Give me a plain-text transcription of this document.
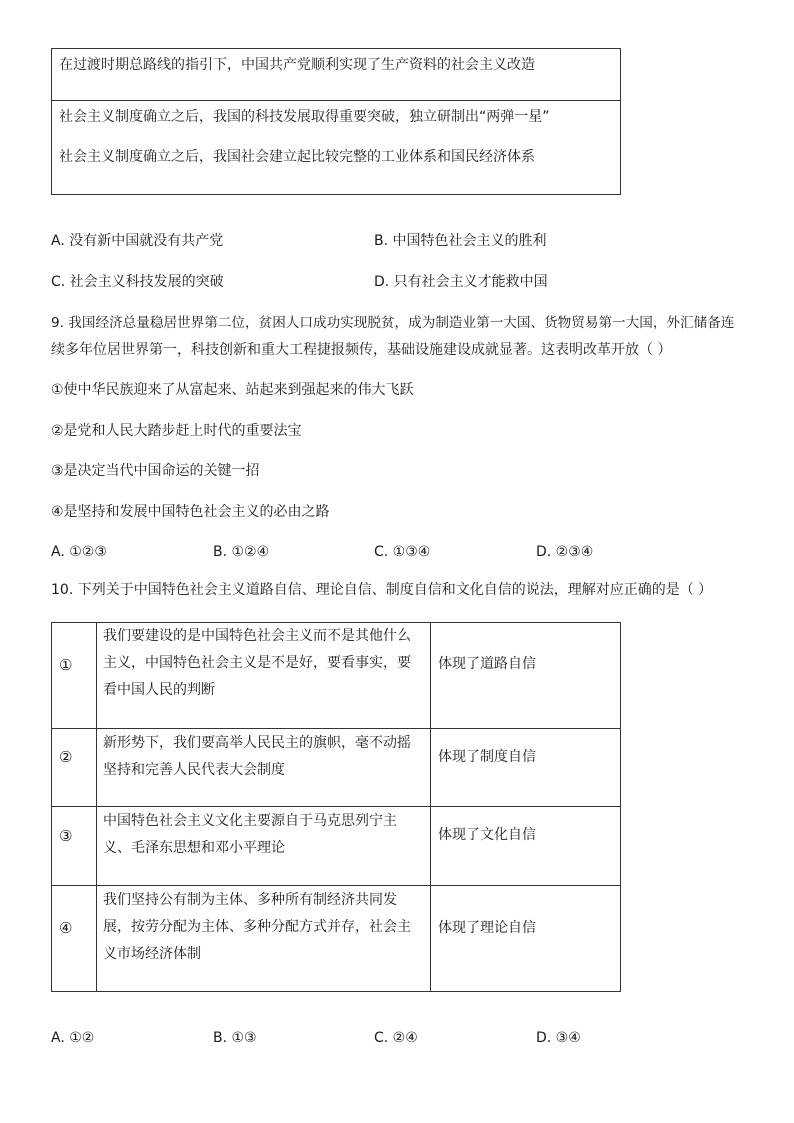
在过渡时期总路线的指引下，中国共产党顺利实现了生产资料的社会主义改造
社会主义制度确立之后，我国的科技发展取得重要突破，独立研制出“两弹一星”
社会主义制度确立之后，我国社会建立起比较完整的工业体系和国民经济体系
A. 没有新中国就没有共产党	B. 中国特色社会主义的胜利
C. 社会主义科技发展的突破	D. 只有社会主义才能救中国
9. 我国经济总量稳居世界第二位，贫困人口成功实现脱贫，成为制造业第一大国、货物贸易第一大国，外汇储备连
续多年位居世界第一，科技创新和重大工程捷报频传，基础设施建设成就显著。这表明改革开放（ ）
①使中华民族迎来了从富起来、站起来到强起来的伟大飞跃
②是党和人民大踏步赶上时代的重要法宝
③是决定当代中国命运的关键一招
④是坚持和发展中国特色社会主义的必由之路
A. ①②③	B. ①②④	C. ①③④	D. ②③④
10. 下列关于中国特色社会主义道路自信、理论自信、制度自信和文化自信的说法，理解对应正确的是（ ）
①
我们要建设的是中国特色社会主义而不是其他什么主义，中国特色社会主义是不是好，要看事实，要看中国人民的判断
体现了道路自信
②
新形势下，我们要高举人民民主的旗帜，毫不动摇坚持和完善人民代表大会制度
体现了制度自信
③
中国特色社会主义文化主要源自于马克思列宁主义、毛泽东思想和邓小平理论
体现了文化自信
④
我们坚持公有制为主体、多种所有制经济共同发展，按劳分配为主体、多种分配方式并存，社会主义市场经济体制
体现了理论自信
A. ①②	B. ①③	C. ②④	D. ③④
